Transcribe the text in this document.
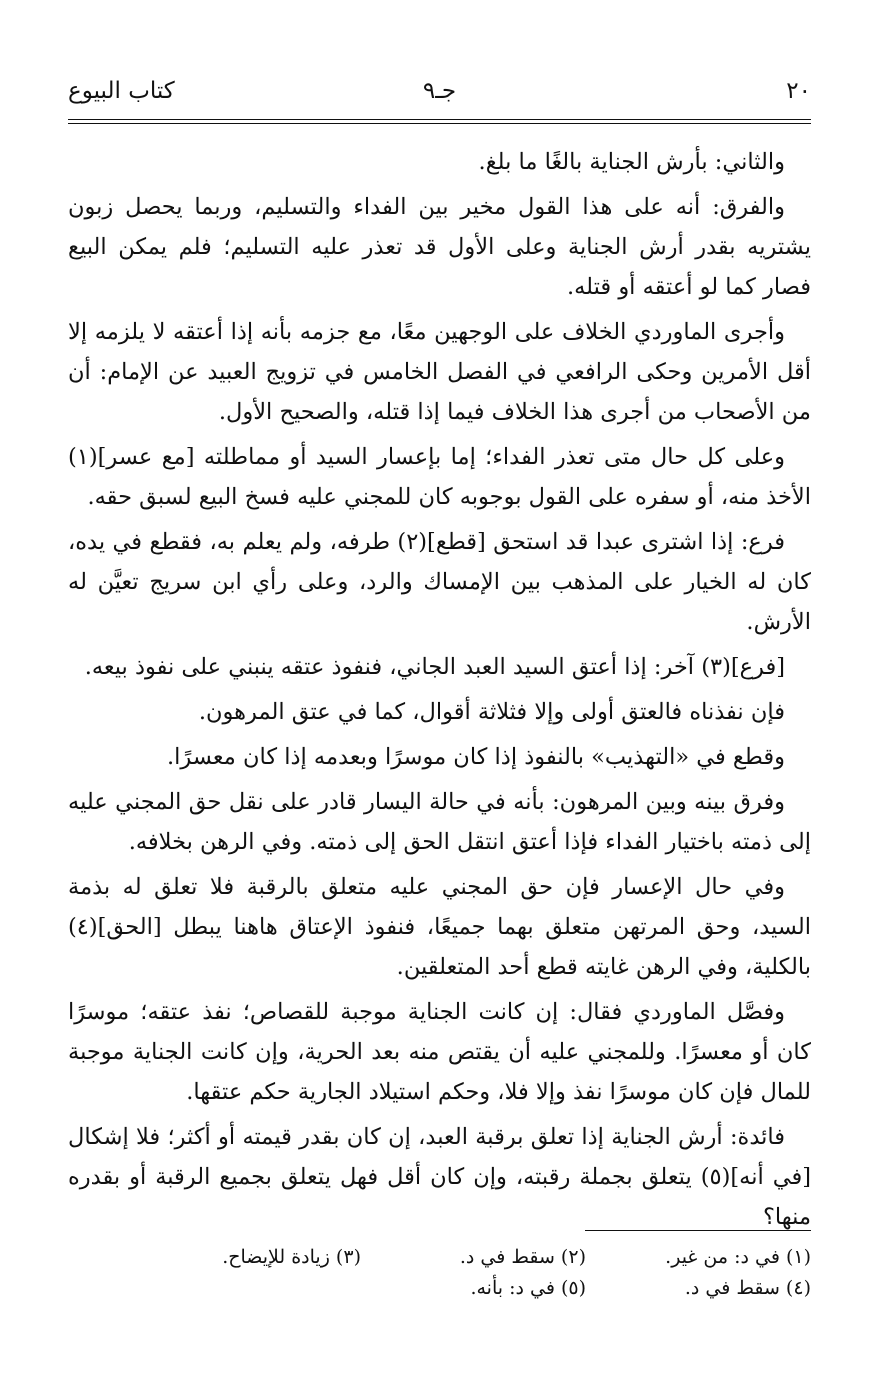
٢٠
جـ٩
كتاب البيوع

والثاني: بأرش الجناية بالغًا ما بلغ.

والفرق: أنه على هذا القول مخير بين الفداء والتسليم، وربما يحصل زبون يشتريه بقدر أرش الجناية وعلى الأول قد تعذر عليه التسليم؛ فلم يمكن البيع فصار كما لو أعتقه أو قتله.

وأجرى الماوردي الخلاف على الوجهين معًا، مع جزمه بأنه إذا أعتقه لا يلزمه إلا أقل الأمرين وحكى الرافعي في الفصل الخامس في تزويج العبيد عن الإمام: أن من الأصحاب من أجرى هذا الخلاف فيما إذا قتله، والصحيح الأول.

وعلى كل حال متى تعذر الفداء؛ إما بإعسار السيد أو مماطلته [مع عسر](١) الأخذ منه، أو سفره على القول بوجوبه كان للمجني عليه فسخ البيع لسبق حقه.

فرع: إذا اشترى عبدا قد استحق [قطع](٢) طرفه، ولم يعلم به، فقطع في يده، كان له الخيار على المذهب بين الإمساك والرد، وعلى رأي ابن سريج تعيَّن له الأرش.

[فرع](٣) آخر: إذا أعتق السيد العبد الجاني، فنفوذ عتقه ينبني على نفوذ بيعه.

فإن نفذناه فالعتق أولى وإلا فثلاثة أقوال، كما في عتق المرهون.

وقطع في «التهذيب» بالنفوذ إذا كان موسرًا وبعدمه إذا كان معسرًا.

وفرق بينه وبين المرهون: بأنه في حالة اليسار قادر على نقل حق المجني عليه إلى ذمته باختيار الفداء فإذا أعتق انتقل الحق إلى ذمته. وفي الرهن بخلافه.

وفي حال الإعسار فإن حق المجني عليه متعلق بالرقبة فلا تعلق له بذمة السيد، وحق المرتهن متعلق بهما جميعًا، فنفوذ الإعتاق هاهنا يبطل [الحق](٤) بالكلية، وفي الرهن غايته قطع أحد المتعلقين.

وفصَّل الماوردي فقال: إن كانت الجناية موجبة للقصاص؛ نفذ عتقه؛ موسرًا كان أو معسرًا. وللمجني عليه أن يقتص منه بعد الحرية، وإن كانت الجناية موجبة للمال فإن كان موسرًا نفذ وإلا فلا، وحكم استيلاد الجارية حكم عتقها.

فائدة: أرش الجناية إذا تعلق برقبة العبد، إن كان بقدر قيمته أو أكثر؛ فلا إشكال [في أنه](٥) يتعلق بجملة رقبته، وإن كان أقل فهل يتعلق بجميع الرقبة أو بقدره منها؟

(١) في د: من غير.
(٢) سقط في د.
(٣) زيادة للإيضاح.
(٤) سقط في د.
(٥) في د: بأنه.
